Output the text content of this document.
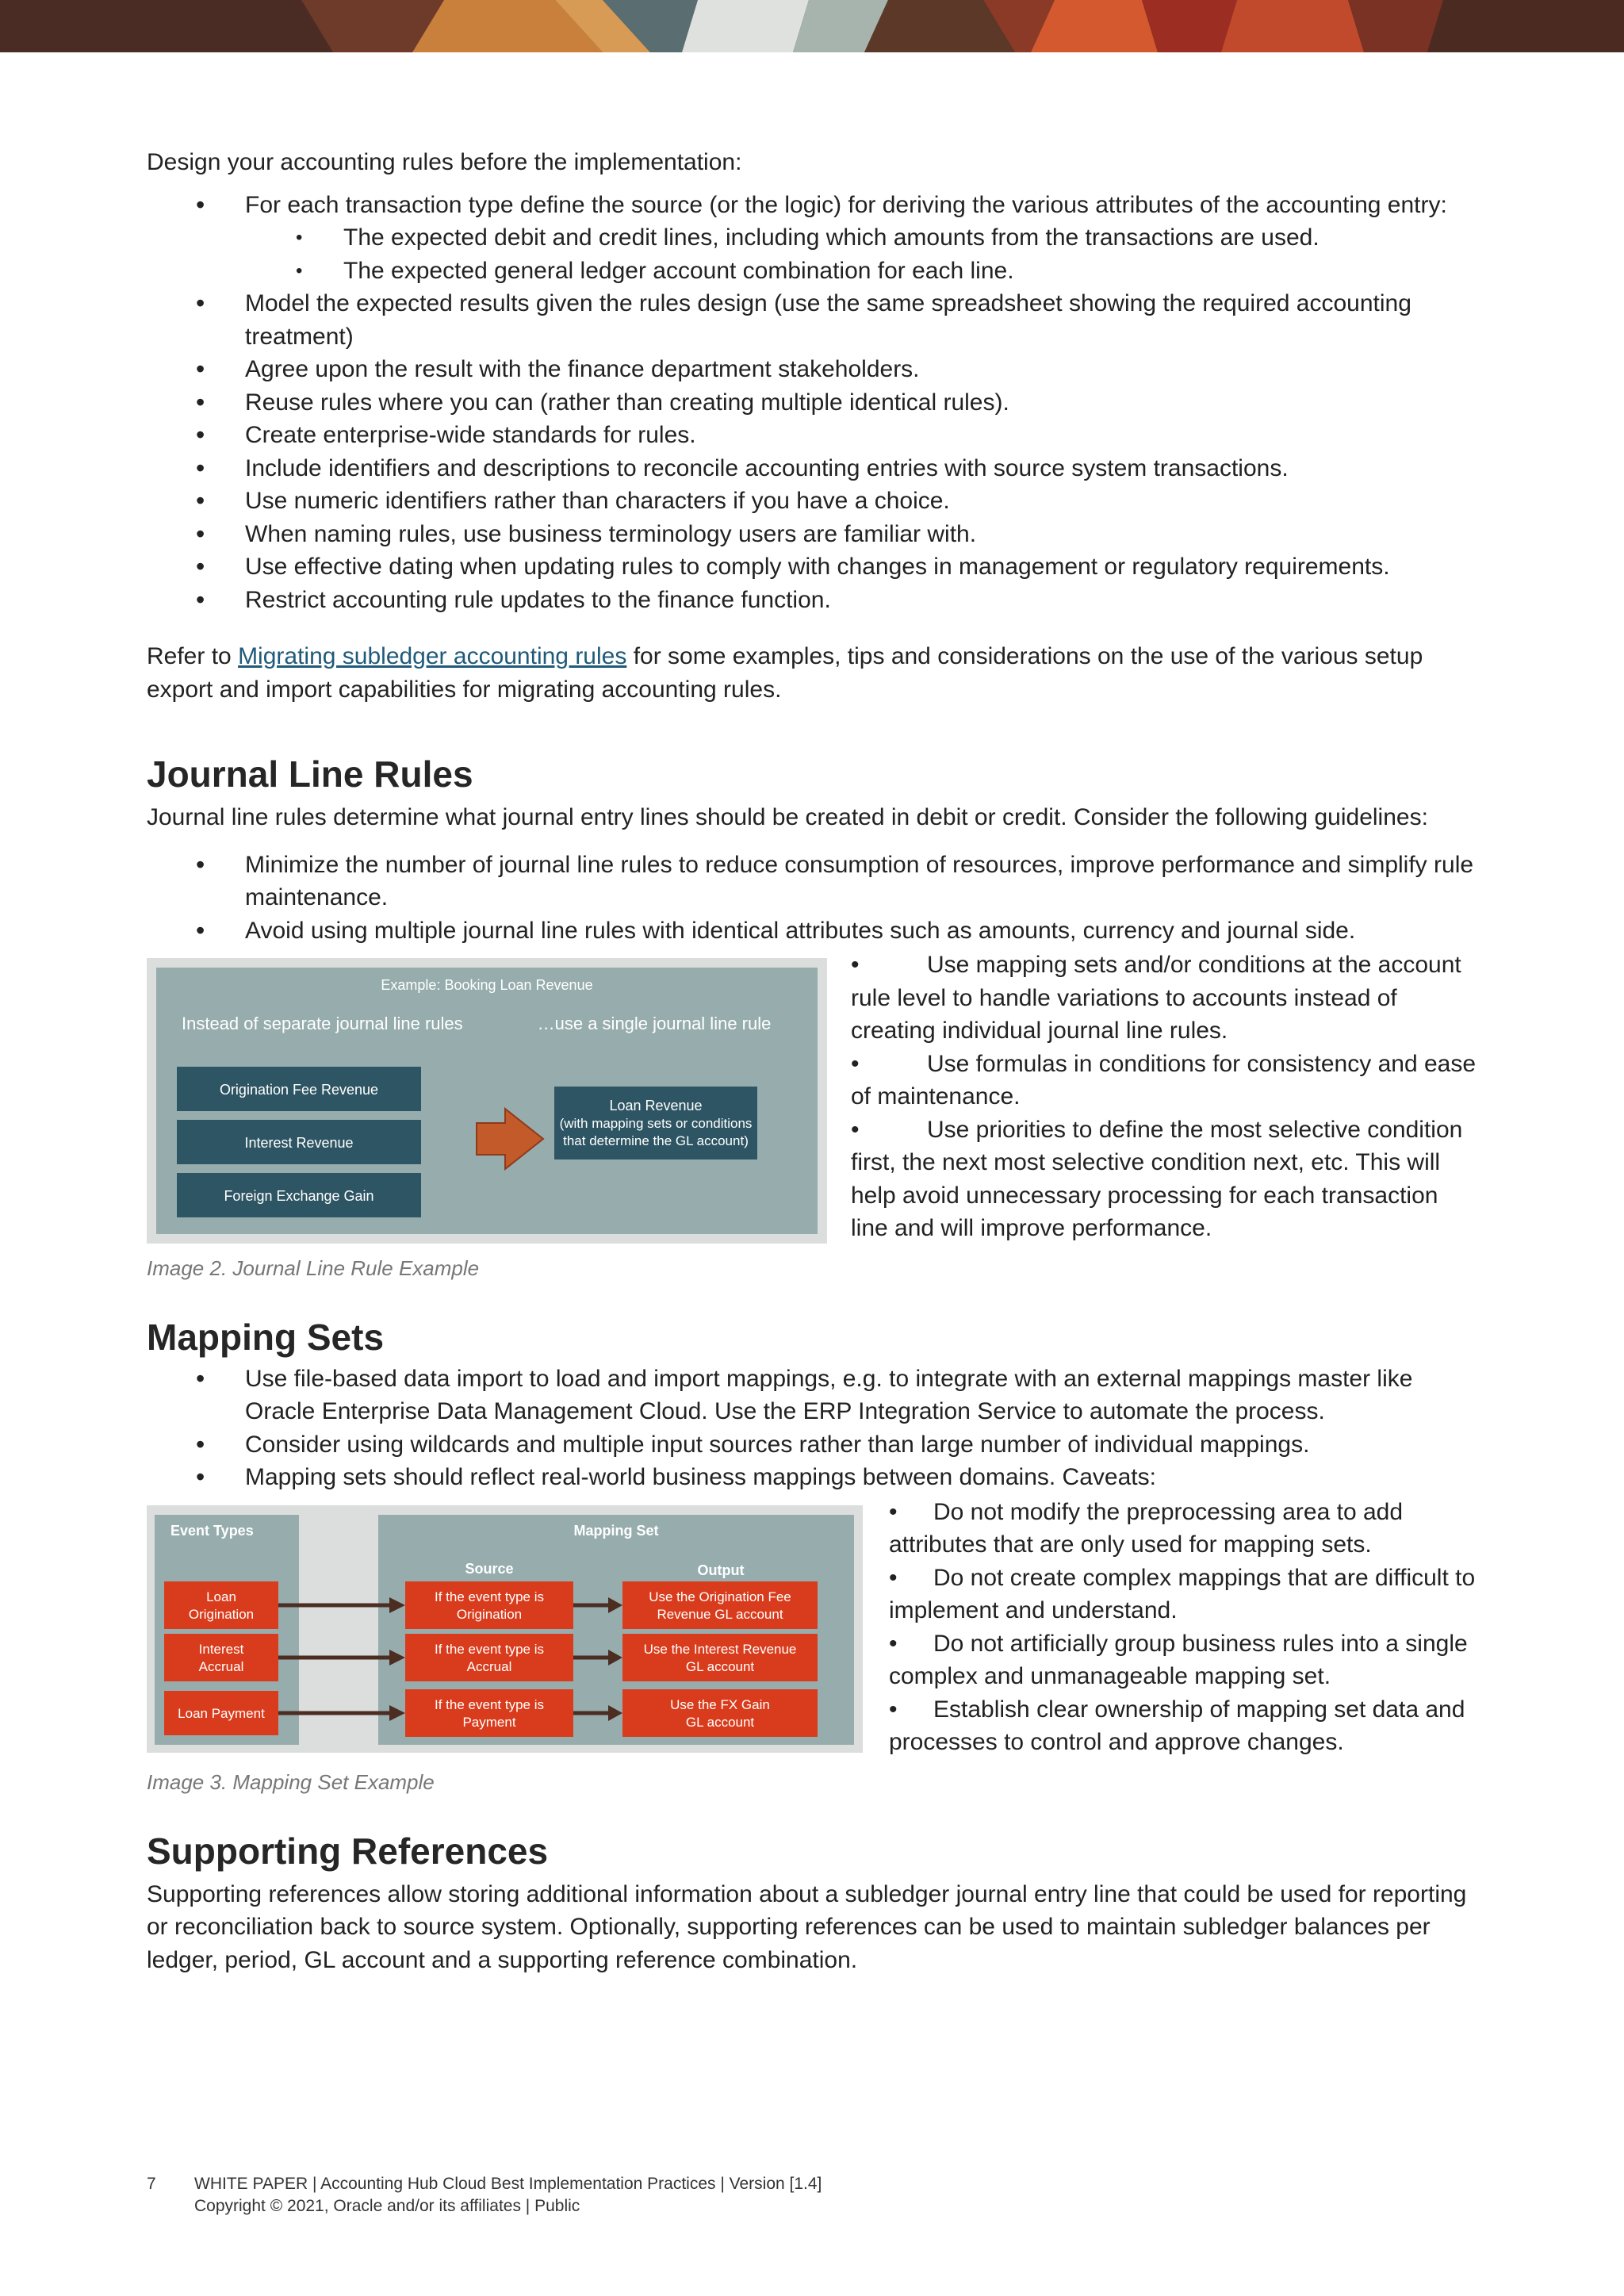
Design your accounting rules before the implementation:

• For each transaction type define the source (or the logic) for deriving the various attributes of the accounting entry:
• The expected debit and credit lines, including which amounts from the transactions are used.
• The expected general ledger account combination for each line.
• Model the expected results given the rules design (use the same spreadsheet showing the required accounting treatment)
• Agree upon the result with the finance department stakeholders.
• Reuse rules where you can (rather than creating multiple identical rules).
• Create enterprise-wide standards for rules.
• Include identifiers and descriptions to reconcile accounting entries with source system transactions.
• Use numeric identifiers rather than characters if you have a choice.
• When naming rules, use business terminology users are familiar with.
• Use effective dating when updating rules to comply with changes in management or regulatory requirements.
• Restrict accounting rule updates to the finance function.

Refer to Migrating subledger accounting rules for some examples, tips and considerations on the use of the various setup export and import capabilities for migrating accounting rules.

Journal Line Rules

Journal line rules determine what journal entry lines should be created in debit or credit. Consider the following guidelines:

• Minimize the number of journal line rules to reduce consumption of resources, improve performance and simplify rule maintenance.
• Avoid using multiple journal line rules with identical attributes such as amounts, currency and journal side.
Example: Booking Loan Revenue
Instead of separate journal line rules	…use a single journal line rule
Origination Fee Revenue
Interest Revenue
Foreign Exchange Gain
Loan Revenue
(with mapping sets or conditions
that determine the GL account)

•	Use mapping sets and/or conditions at the account rule level to handle variations to accounts instead of creating individual journal line rules.

•	Use formulas in conditions for consistency and ease of maintenance.

•	Use priorities to define the most selective condition first, the next most selective condition next, etc. This will help avoid unnecessary processing for each transaction line and will improve performance.

Image 2. Journal Line Rule Example

Mapping Sets
• Use file-based data import to load and import mappings, e.g. to integrate with an external mappings master like Oracle Enterprise Data Management Cloud. Use the ERP Integration Service to automate the process.
• Consider using wildcards and multiple input sources rather than large number of individual mappings.
• Mapping sets should reflect real-world business mappings between domains. Caveats:
Event Types	Mapping Set
Source	Output
Loan
Origination
If the event type is
Origination
Use the Origination Fee
Revenue GL account
Interest
Accrual
If the event type is
Accrual
Use the Interest Revenue
GL account
Loan Payment
If the event type is
Payment
Use the FX Gain
GL account

• Do not modify the preprocessing area to add attributes that are only used for mapping sets.

• Do not create complex mappings that are difficult to implement and understand.

• Do not artificially group business rules into a single complex and unmanageable mapping set.

• Establish clear ownership of mapping set data and processes to control and approve changes.

Image 3. Mapping Set Example

Supporting References

Supporting references allow storing additional information about a subledger journal entry line that could be used for reporting or reconciliation back to source system. Optionally, supporting references can be used to maintain subledger balances per ledger, period, GL account and a supporting reference combination.

7	WHITE PAPER | Accounting Hub Cloud Best Implementation Practices | Version [1.4]
Copyright © 2021, Oracle and/or its affiliates | Public
